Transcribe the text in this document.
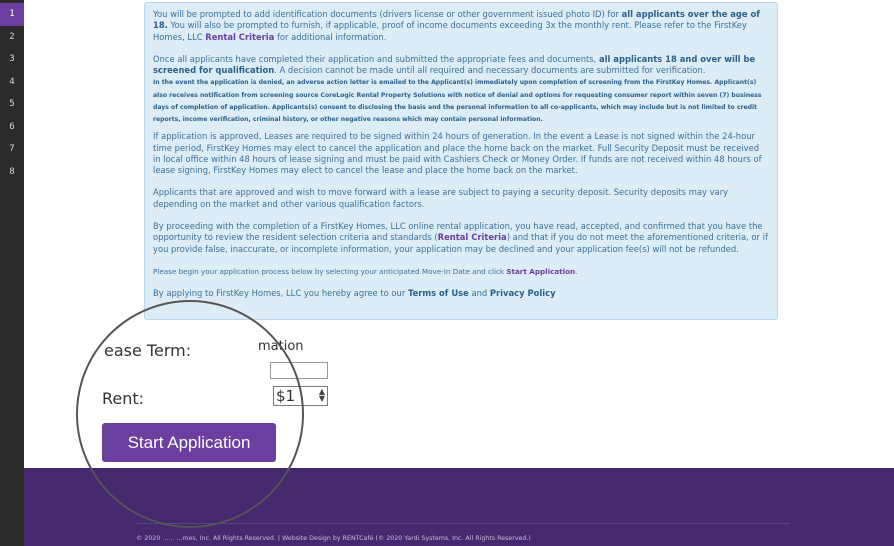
1
2
3
4
5
6
7
8

You will be prompted to add identification documents (drivers license or other government issued photo ID) for all applicants over the age of 18. You will also be prompted to furnish, if applicable, proof of income documents exceeding 3x the monthly rent. Please refer to the FirstKey Homes, LLC Rental Criteria for additional information.

Once all applicants have completed their application and submitted the appropriate fees and documents, all applicants 18 and over will be screened for qualification. A decision cannot be made until all required and necessary documents are submitted for verification.
In the event the application is denied, an adverse action letter is emailed to the Applicant(s) immediately upon completion of screening from the FirstKey Homes. Applicant(s) also receives notification from screening source CoreLogic Rental Property Solutions with notice of denial and options for requesting consumer report within seven (7) business days of completion of application. Applicants(s) consent to disclosing the basis and the personal information to all co-applicants, which may include but is not limited to credit reports, income verification, criminal history, or other negative reasons which may contain personal information.

If application is approved, Leases are required to be signed within 24 hours of generation. In the event a Lease is not signed within the 24-hour time period, FirstKey Homes may elect to cancel the application and place the home back on the market. Full Security Deposit must be received in local office within 48 hours of lease signing and must be paid with Cashiers Check or Money Order. If funds are not received within 48 hours of lease signing, FirstKey Homes may elect to cancel the lease and place the home back on the market.

Applicants that are approved and wish to move forward with a lease are subject to paying a security deposit. Security deposits may vary depending on the market and other various qualification factors.

By proceeding with the completion of a FirstKey Homes, LLC online rental application, you have read, accepted, and confirmed that you have the opportunity to review the resident selection criteria and standards (Rental Criteria) and that if you do not meet the aforementioned criteria, or if you provide false, inaccurate, or incomplete information, your application may be declined and your application fee(s) will not be refunded.

Please begin your application process below by selecting your anticipated Move-In Date and click Start Application.

By applying to FirstKey Homes, LLC you hereby agree to our Terms of Use and Privacy Policy

ease Term:	mation
Rent:	$1	▲
▼
Start Application
© 2020 ...... ...mes, Inc. All Rights Reserved. | Website Design by RENTCafé (© 2020 Yardi Systems, Inc. All Rights Reserved.)
